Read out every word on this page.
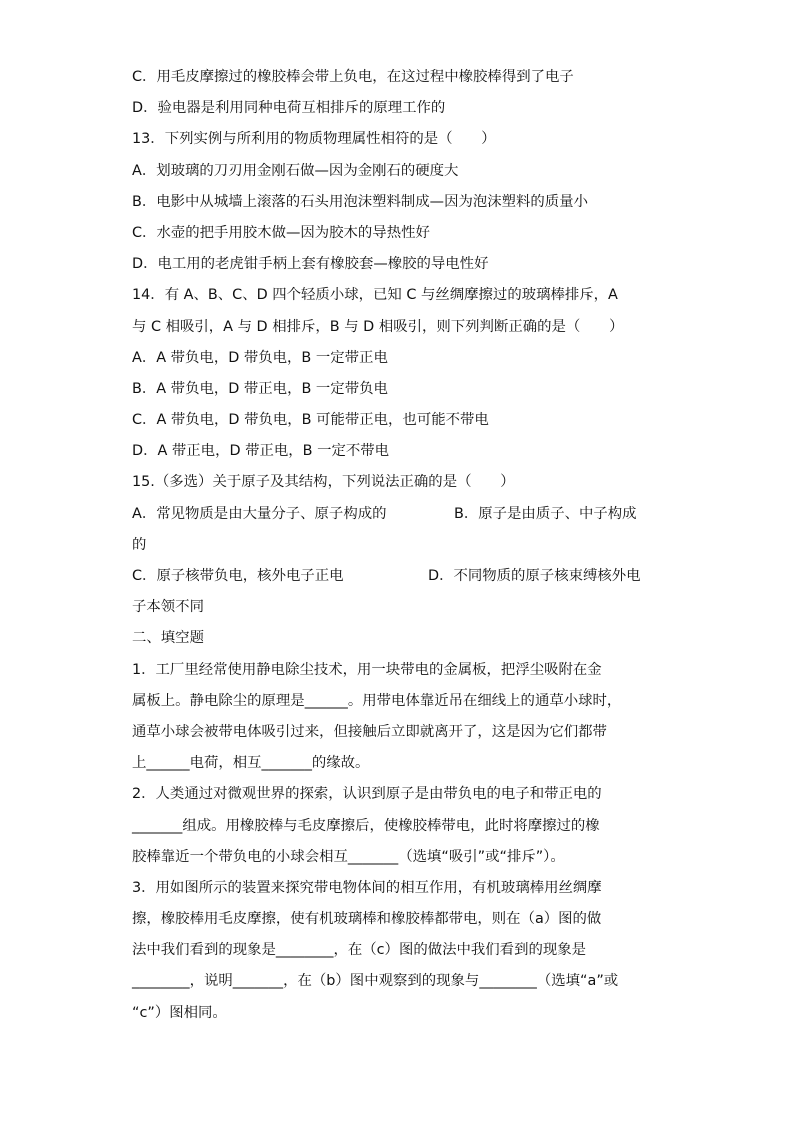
C．用毛皮摩擦过的橡胶棒会带上负电，在这过程中橡胶棒得到了电子
D．验电器是利用同种电荷互相排斥的原理工作的
13．下列实例与所利用的物质物理属性相符的是（　　）
A．划玻璃的刀刃用金刚石做—因为金刚石的硬度大
B．电影中从城墙上滚落的石头用泡沫塑料制成—因为泡沫塑料的质量小
C．水壶的把手用胶木做—因为胶木的导热性好
D．电工用的老虎钳手柄上套有橡胶套—橡胶的导电性好
14．有 A、B、C、D 四个轻质小球，已知 C 与丝绸摩擦过的玻璃棒排斥，A
与 C 相吸引，A 与 D 相排斥，B 与 D 相吸引，则下列判断正确的是（　　）
A．A 带负电，D 带负电，B 一定带正电
B．A 带负电，D 带正电，B 一定带负电
C．A 带负电，D 带负电，B 可能带正电，也可能不带电
D．A 带正电，D 带正电，B 一定不带电
15.（多选）关于原子及其结构，下列说法正确的是（　　）
A．常见物质是由大量分子、原子构成的	B．原子是由质子、中子构成
的
C．原子核带负电，核外电子正电	D．不同物质的原子核束缚核外电
子本领不同
二、填空题
1．工厂里经常使用静电除尘技术，用一块带电的金属板，把浮尘吸附在金
属板上。静电除尘的原理是______。用带电体靠近吊在细线上的通草小球时，
通草小球会被带电体吸引过来，但接触后立即就离开了，这是因为它们都带
上______电荷，相互_______的缘故。
2．人类通过对微观世界的探索，认识到原子是由带负电的电子和带正电的
_______组成。用橡胶棒与毛皮摩擦后，使橡胶棒带电，此时将摩擦过的橡
胶棒靠近一个带负电的小球会相互_______（选填“吸引”或“排斥”）。
3．用如图所示的装置来探究带电物体间的相互作用，有机玻璃棒用丝绸摩
擦，橡胶棒用毛皮摩擦，使有机玻璃棒和橡胶棒都带电，则在（a）图的做
法中我们看到的现象是________，在（c）图的做法中我们看到的现象是
________，说明_______，在（b）图中观察到的现象与________（选填“a”或
“c”）图相同。
